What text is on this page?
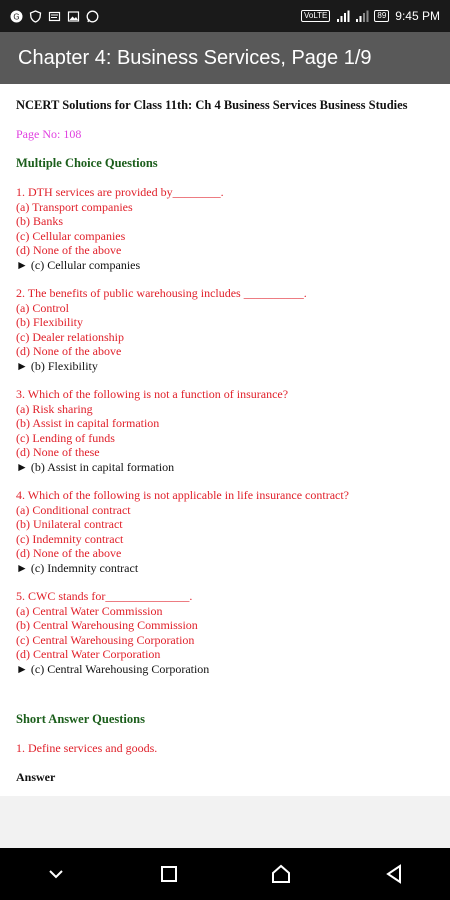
G	VoLTE	89 9:45 PM
Chapter 4: Business Services, Page 1/9
NCERT Solutions for Class 11th: Ch 4 Business Services Business Studies
Page No: 108
Multiple Choice Questions
1. DTH services are provided by________.
(a) Transport companies
(b) Banks
(c) Cellular companies
(d) None of the above
► (c) Cellular companies
2. The benefits of public warehousing includes __________.
(a) Control
(b) Flexibility
(c) Dealer relationship
(d) None of the above
► (b) Flexibility
3. Which of the following is not a function of insurance?
(a) Risk sharing
(b) Assist in capital formation
(c) Lending of funds
(d) None of these
► (b) Assist in capital formation
4. Which of the following is not applicable in life insurance contract?
(a) Conditional contract
(b) Unilateral contract
(c) Indemnity contract
(d) None of the above
► (c) Indemnity contract
5. CWC stands for______________.
(a) Central Water Commission
(b) Central Warehousing Commission
(c) Central Warehousing Corporation
(d) Central Water Corporation
► (c) Central Warehousing Corporation
Short Answer Questions
1. Define services and goods.
Answer
